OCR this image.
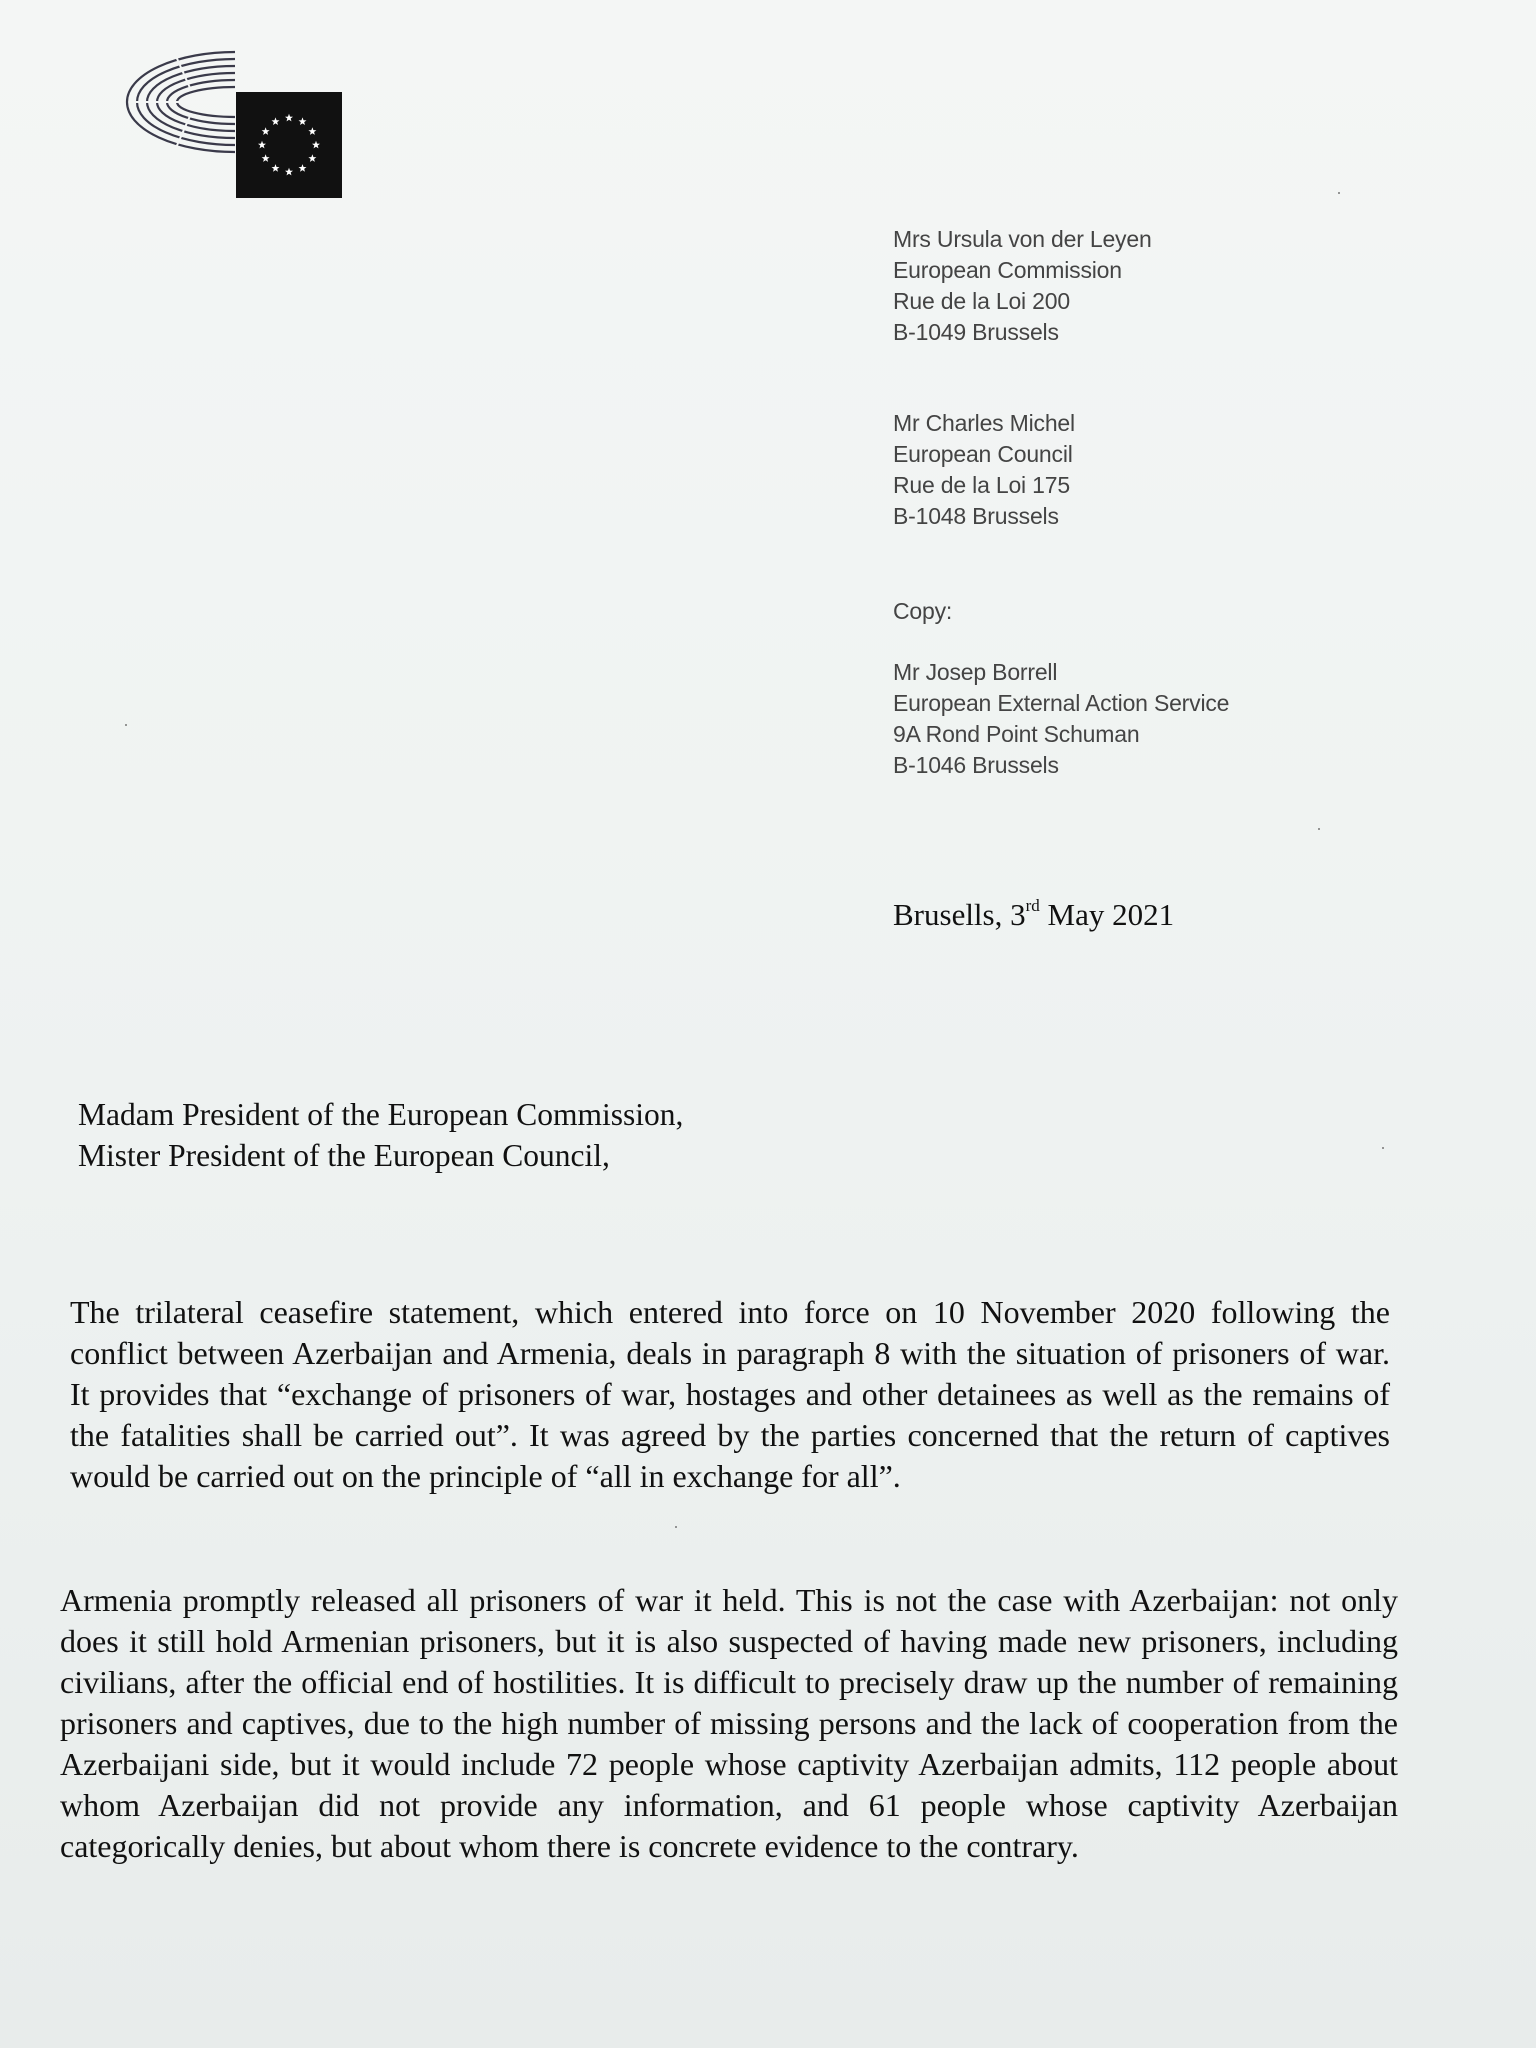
Mrs Ursula von der Leyen
European Commission
Rue de la Loi 200
B-1049 Brussels
Mr Charles Michel
European Council
Rue de la Loi 175
B-1048 Brussels
Copy:
Mr Josep Borrell
European External Action Service
9A Rond Point Schuman
B-1046 Brussels
Brusells, 3rd May 2021
Madam President of the European Commission,
Mister President of the European Council,
The trilateral ceasefire statement, which entered into force on 10 November 2020 following the conflict between Azerbaijan and Armenia, deals in paragraph 8 with the situation of prisoners of war. It provides that “exchange of prisoners of war, hostages and other detainees as well as the remains of the fatalities shall be carried out”. It was agreed by the parties concerned that the return of captives would be carried out on the principle of “all in exchange for all”.
Armenia promptly released all prisoners of war it held. This is not the case with Azerbaijan: not only does it still hold Armenian prisoners, but it is also suspected of having made new prisoners, including civilians, after the official end of hostilities. It is difficult to precisely draw up the number of remaining prisoners and captives, due to the high number of missing persons and the lack of cooperation from the Azerbaijani side, but it would include 72 people whose captivity Azerbaijan admits, 112 people about whom Azerbaijan did not provide any information, and 61 people whose captivity Azerbaijan categorically denies, but about whom there is concrete evidence to the contrary.
